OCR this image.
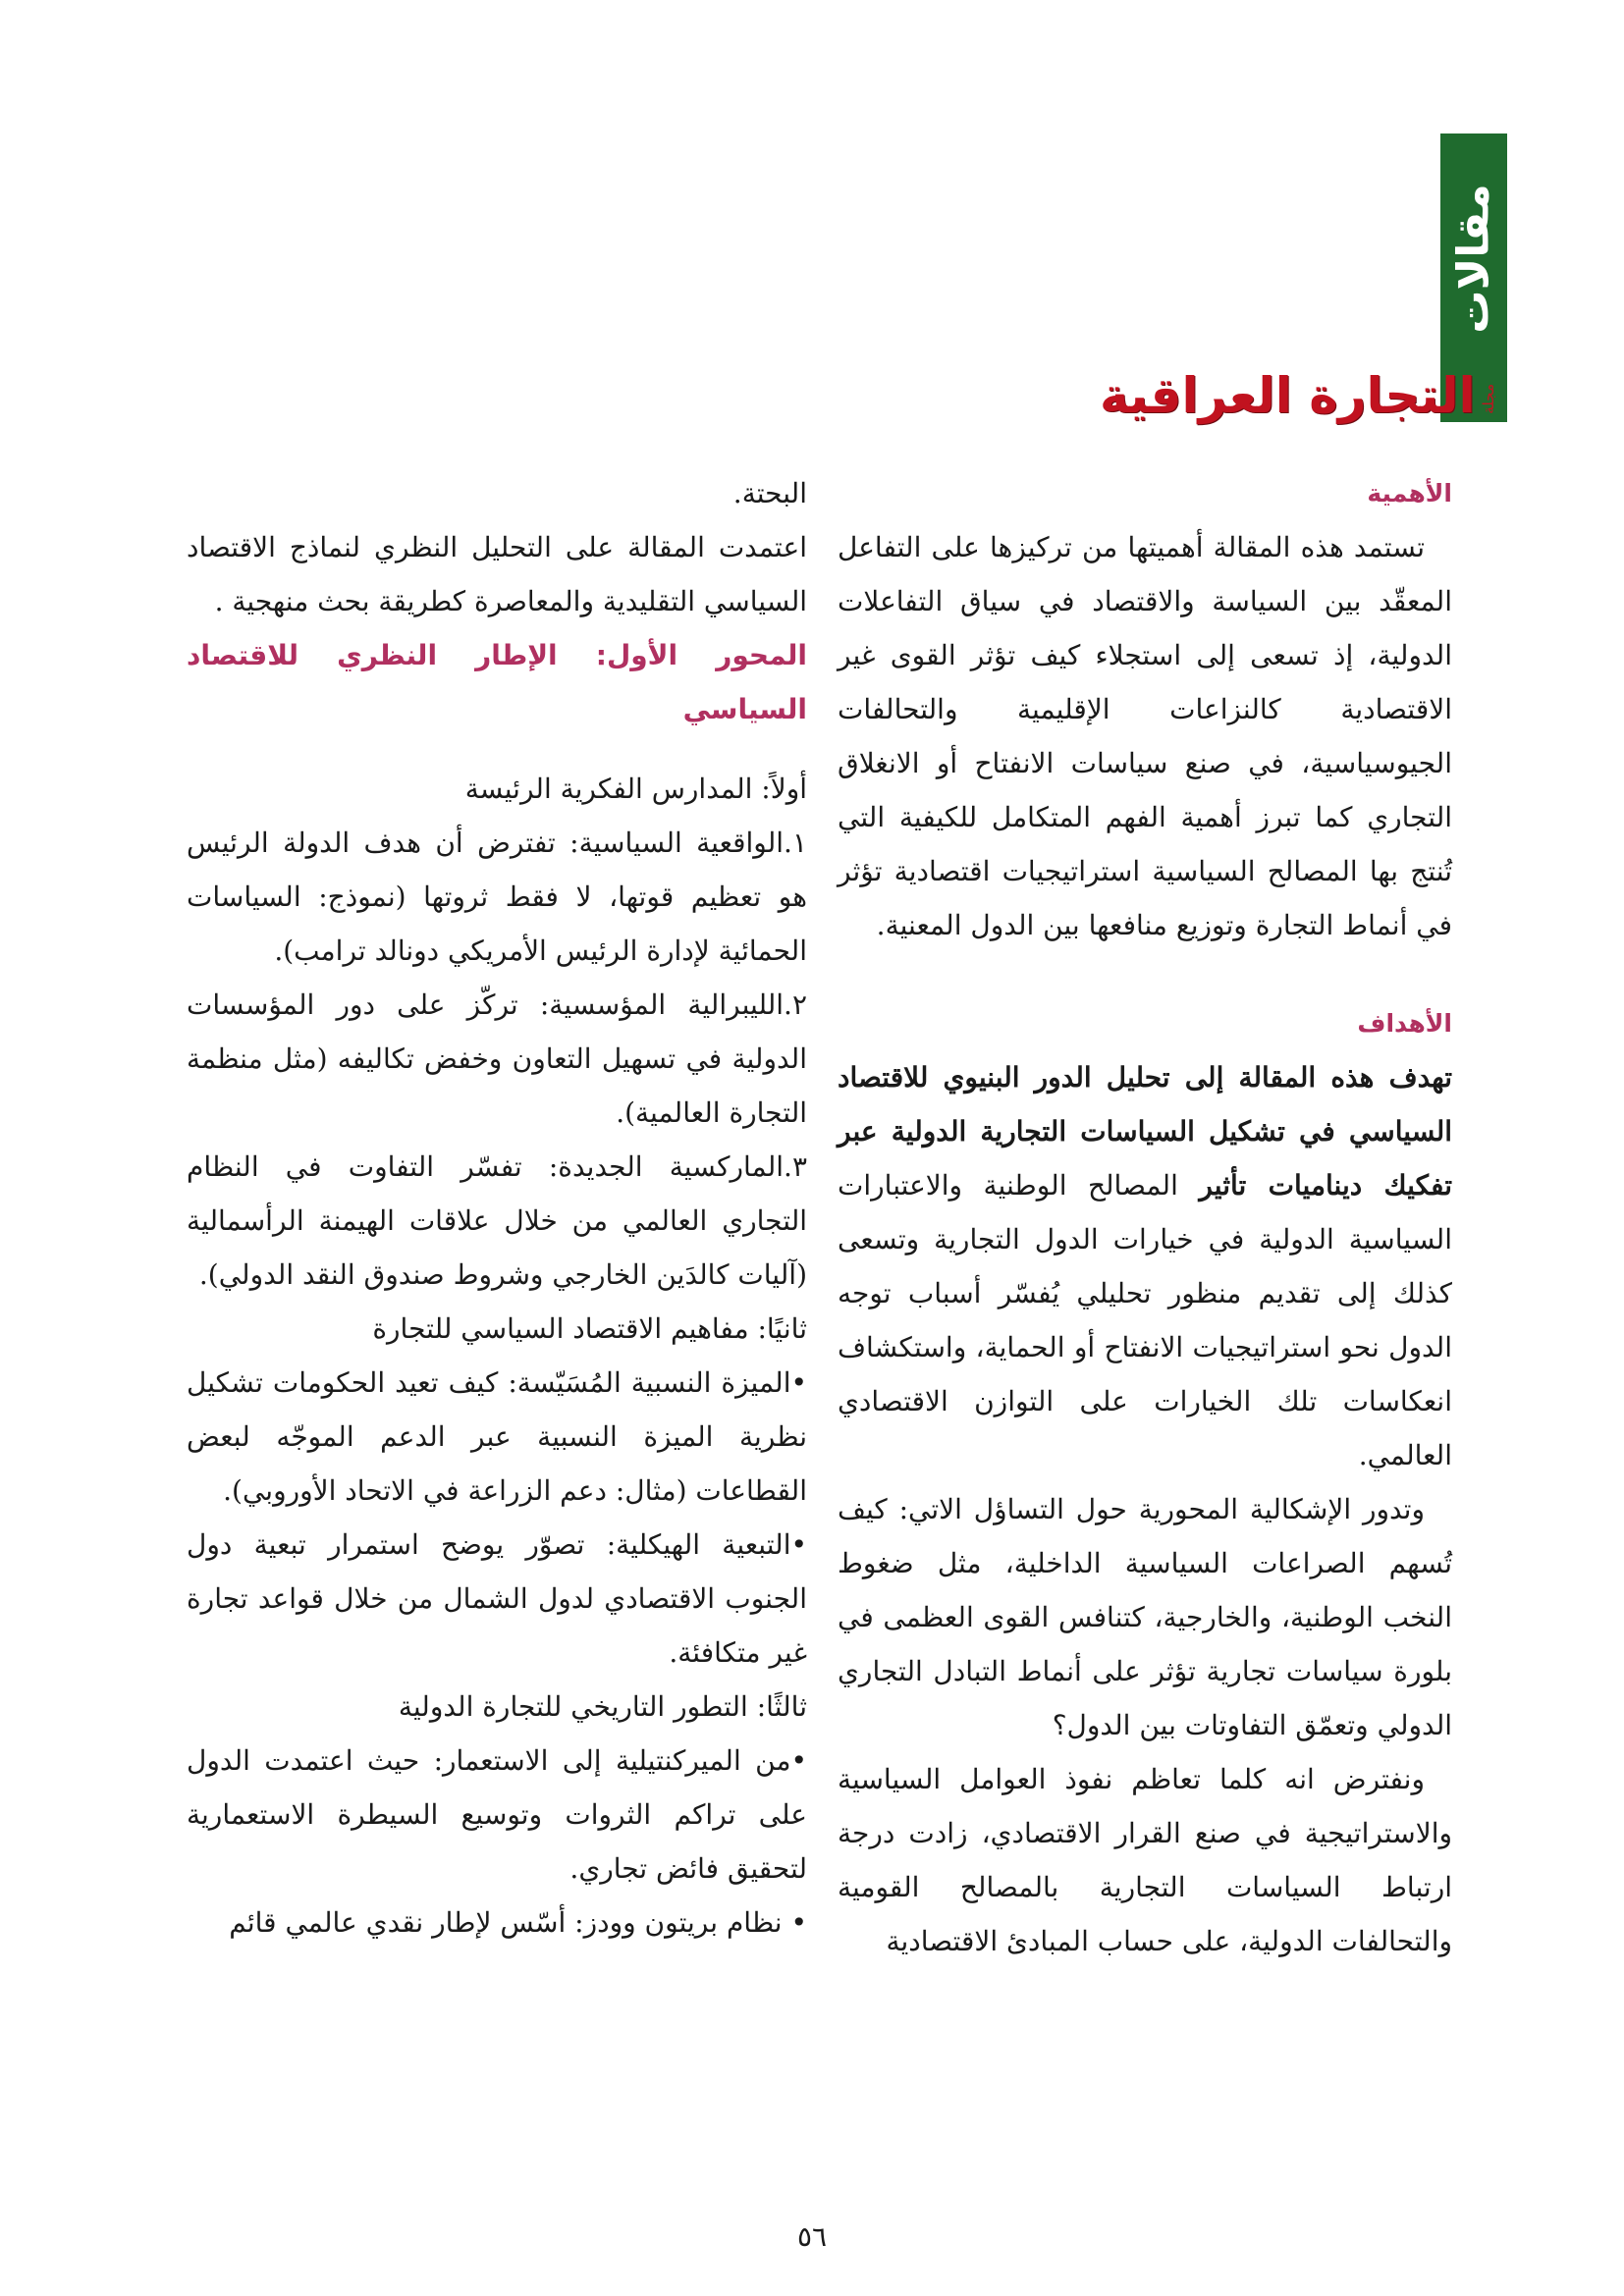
مقالات
التجارة العراقية مجلة
الأهمية

تستمد هذه المقالة أهميتها من تركيزها على التفاعل المعقّد بين السياسة والاقتصاد في سياق التفاعلات الدولية، إذ تسعى إلى استجلاء كيف تؤثر القوى غير الاقتصادية كالنزاعات الإقليمية والتحالفات الجيوسياسية، في صنع سياسات الانفتاح أو الانغلاق التجاري كما تبرز أهمية الفهم المتكامل للكيفية التي تُنتج بها المصالح السياسية استراتيجيات اقتصادية تؤثر في أنماط التجارة وتوزيع منافعها بين الدول المعنية.

الأهداف

تهدف هذه المقالة إلى تحليل الدور البنيوي للاقتصاد السياسي في تشكيل السياسات التجارية الدولية عبر تفكيك ديناميات تأثير المصالح الوطنية والاعتبارات السياسية الدولية في خيارات الدول التجارية وتسعى كذلك إلى تقديم منظور تحليلي يُفسّر أسباب توجه الدول نحو استراتيجيات الانفتاح أو الحماية، واستكشاف انعكاسات تلك الخيارات على التوازن الاقتصادي العالمي.

وتدور الإشكالية المحورية حول التساؤل الاتي: كيف تُسهم الصراعات السياسية الداخلية، مثل ضغوط النخب الوطنية، والخارجية، كتنافس القوى العظمى في بلورة سياسات تجارية تؤثر على أنماط التبادل التجاري الدولي وتعمّق التفاوتات بين الدول؟

ونفترض انه كلما تعاظم نفوذ العوامل السياسية والاستراتيجية في صنع القرار الاقتصادي، زادت درجة ارتباط السياسات التجارية بالمصالح القومية والتحالفات الدولية، على حساب المبادئ الاقتصادية

البحتة.

اعتمدت المقالة على التحليل النظري لنماذج الاقتصاد السياسي التقليدية والمعاصرة كطريقة بحث منهجية .

المحور الأول: الإطار النظري للاقتصاد السياسي

أولاً: المدارس الفكرية الرئيسة

١.الواقعية السياسية: تفترض أن هدف الدولة الرئيس هو تعظيم قوتها، لا فقط ثروتها (نموذج: السياسات الحمائية لإدارة الرئيس الأمريكي دونالد ترامب).

٢.الليبرالية المؤسسية: تركّز على دور المؤسسات الدولية في تسهيل التعاون وخفض تكاليفه (مثل منظمة التجارة العالمية).

٣.الماركسية الجديدة: تفسّر التفاوت في النظام التجاري العالمي من خلال علاقات الهيمنة الرأسمالية (آليات كالدَين الخارجي وشروط صندوق النقد الدولي).

ثانيًا: مفاهيم الاقتصاد السياسي للتجارة

•الميزة النسبية المُسَيّسة: كيف تعيد الحكومات تشكيل نظرية الميزة النسبية عبر الدعم الموجّه لبعض القطاعات (مثال: دعم الزراعة في الاتحاد الأوروبي).

•التبعية الهيكلية: تصوّر يوضح استمرار تبعية دول الجنوب الاقتصادي لدول الشمال من خلال قواعد تجارة غير متكافئة.

ثالثًا: التطور التاريخي للتجارة الدولية

•من الميركنتيلية إلى الاستعمار: حيث اعتمدت الدول على تراكم الثروات وتوسيع السيطرة الاستعمارية لتحقيق فائض تجاري.

• نظام بريتون وودز: أسّس لإطار نقدي عالمي قائم

٥٦
